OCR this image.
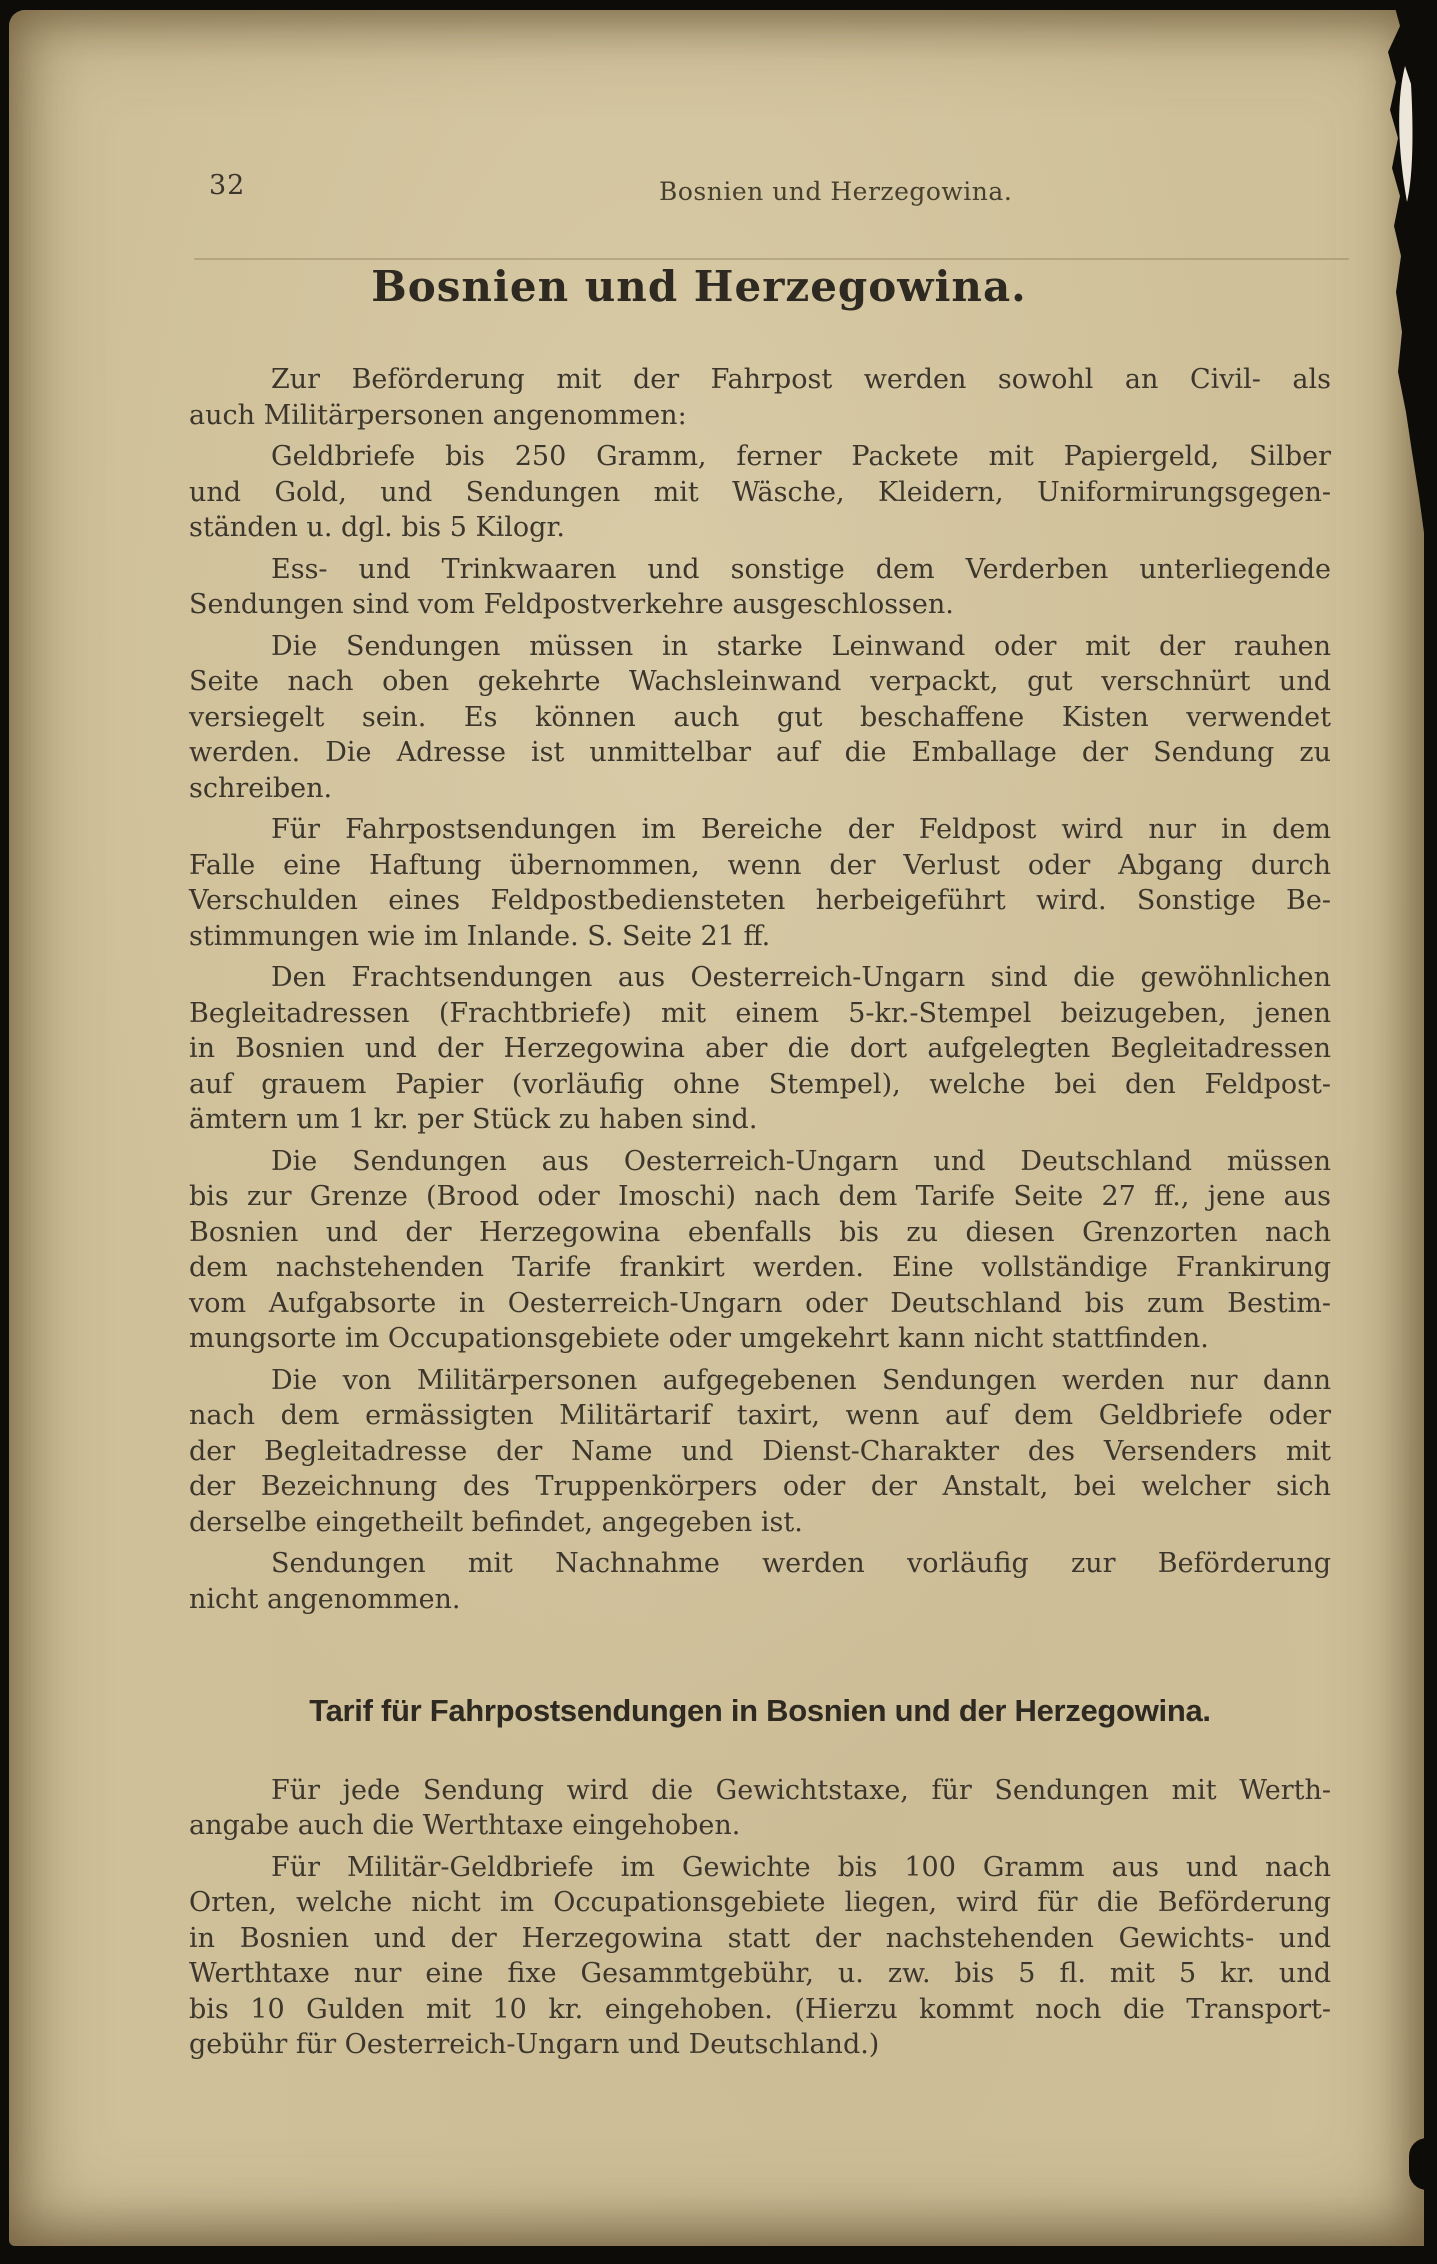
32	Bosnien und Herzegowina.
Bosnien und Herzegowina.
Zur Beförderung mit der Fahrpost werden sowohl an Civil- als
auch Militärpersonen angenommen:
Geldbriefe bis 250 Gramm, ferner Packete mit Papiergeld, Silber
und Gold, und Sendungen mit Wäsche, Kleidern, Uniformirungsgegen-
ständen u. dgl. bis 5 Kilogr.
Ess- und Trinkwaaren und sonstige dem Verderben unterliegende
Sendungen sind vom Feldpostverkehre ausgeschlossen.
Die Sendungen müssen in starke Leinwand oder mit der rauhen
Seite nach oben gekehrte Wachsleinwand verpackt, gut verschnürt und
versiegelt sein. Es können auch gut beschaffene Kisten verwendet
werden. Die Adresse ist unmittelbar auf die Emballage der Sendung zu
schreiben.
Für Fahrpostsendungen im Bereiche der Feldpost wird nur in dem
Falle eine Haftung übernommen, wenn der Verlust oder Abgang durch
Verschulden eines Feldpostbediensteten herbeigeführt wird. Sonstige Be-
stimmungen wie im Inlande. S. Seite 21 ff.
Den Frachtsendungen aus Oesterreich-Ungarn sind die gewöhnlichen
Begleitadressen (Frachtbriefe) mit einem 5-kr.-Stempel beizugeben, jenen
in Bosnien und der Herzegowina aber die dort aufgelegten Begleitadressen
auf grauem Papier (vorläufig ohne Stempel), welche bei den Feldpost-
ämtern um 1 kr. per Stück zu haben sind.
Die Sendungen aus Oesterreich-Ungarn und Deutschland müssen
bis zur Grenze (Brood oder Imoschi) nach dem Tarife Seite 27 ff., jene aus
Bosnien und der Herzegowina ebenfalls bis zu diesen Grenzorten nach
dem nachstehenden Tarife frankirt werden. Eine vollständige Frankirung
vom Aufgabsorte in Oesterreich-Ungarn oder Deutschland bis zum Bestim-
mungsorte im Occupationsgebiete oder umgekehrt kann nicht stattfinden.
Die von Militärpersonen aufgegebenen Sendungen werden nur dann
nach dem ermässigten Militärtarif taxirt, wenn auf dem Geldbriefe oder
der Begleitadresse der Name und Dienst-Charakter des Versenders mit
der Bezeichnung des Truppenkörpers oder der Anstalt, bei welcher sich
derselbe eingetheilt befindet, angegeben ist.
Sendungen mit Nachnahme werden vorläufig zur Beförderung
nicht angenommen.
Tarif für Fahrpostsendungen in Bosnien und der Herzegowina.
Für jede Sendung wird die Gewichtstaxe, für Sendungen mit Werth-
angabe auch die Werthtaxe eingehoben.
Für Militär-Geldbriefe im Gewichte bis 100 Gramm aus und nach
Orten, welche nicht im Occupationsgebiete liegen, wird für die Beförderung
in Bosnien und der Herzegowina statt der nachstehenden Gewichts- und
Werthtaxe nur eine fixe Gesammtgebühr, u. zw. bis 5 fl. mit 5 kr. und
bis 10 Gulden mit 10 kr. eingehoben. (Hierzu kommt noch die Transport-
gebühr für Oesterreich-Ungarn und Deutschland.)
